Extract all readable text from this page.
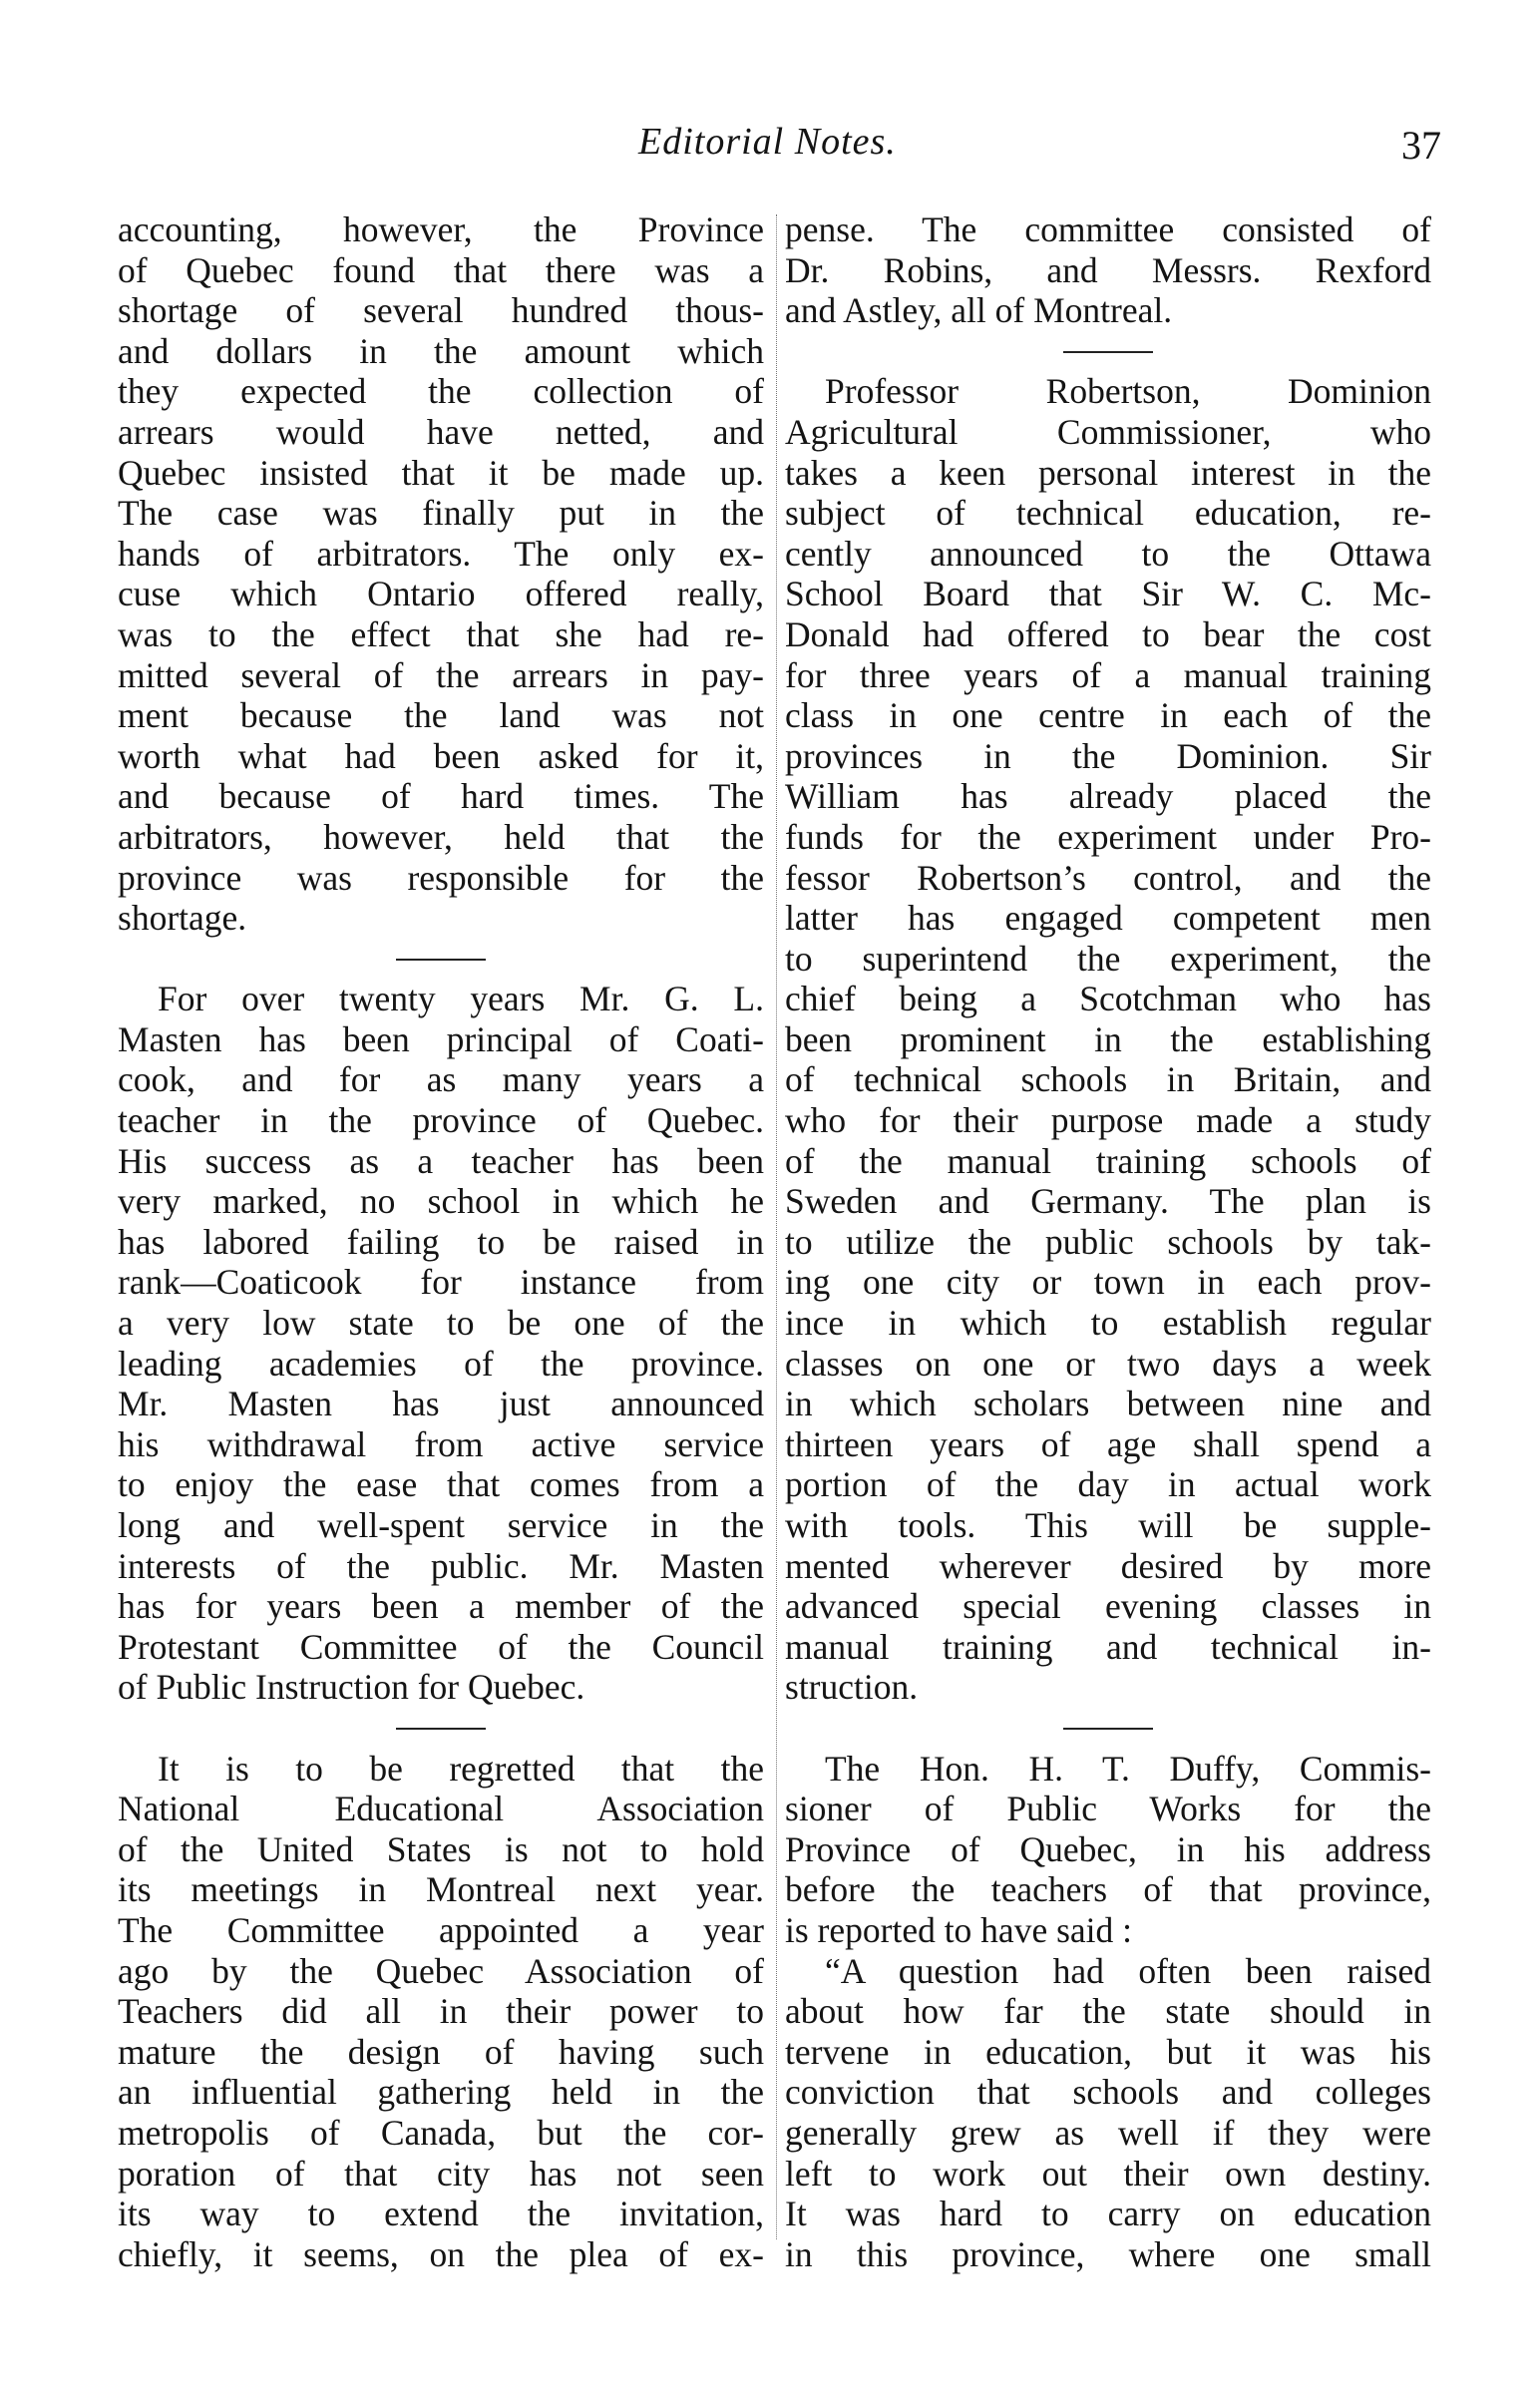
Editorial Notes.	37
accounting, however, the Province
of Quebec found that there was a
shortage of several hundred thous-
and dollars in the amount which
they expected the collection of
arrears would have netted, and
Quebec insisted that it be made up.
The case was finally put in the
hands of arbitrators. The only ex-
cuse which Ontario offered really,
was to the effect that she had re-
mitted several of the arrears in pay-
ment because the land was not
worth what had been asked for it,
and because of hard times. The
arbitrators, however, held that the
province was responsible for the
shortage.
For over twenty years Mr. G. L.
Masten has been principal of Coati-
cook, and for as many years a
teacher in the province of Quebec.
His success as a teacher has been
very marked, no school in which he
has labored failing to be raised in
rank—Coaticook for instance from
a very low state to be one of the
leading academies of the province.
Mr. Masten has just announced
his withdrawal from active service
to enjoy the ease that comes from a
long and well-spent service in the
interests of the public. Mr. Masten
has for years been a member of the
Protestant Committee of the Council
of Public Instruction for Quebec.
It is to be regretted that the
National Educational Association
of the United States is not to hold
its meetings in Montreal next year.
The Committee appointed a year
ago by the Quebec Association of
Teachers did all in their power to
mature the design of having such
an influential gathering held in the
metropolis of Canada, but the cor-
poration of that city has not seen
its way to extend the invitation,
chiefly, it seems, on the plea of ex-
pense. The committee consisted of
Dr. Robins, and Messrs. Rexford
and Astley, all of Montreal.
Professor Robertson, Dominion
Agricultural Commissioner, who
takes a keen personal interest in the
subject of technical education, re-
cently announced to the Ottawa
School Board that Sir W. C. Mc-
Donald had offered to bear the cost
for three years of a manual training
class in one centre in each of the
provinces in the Dominion. Sir
William has already placed the
funds for the experiment under Pro-
fessor Robertson’s control, and the
latter has engaged competent men
to superintend the experiment, the
chief being a Scotchman who has
been prominent in the establishing
of technical schools in Britain, and
who for their purpose made a study
of the manual training schools of
Sweden and Germany. The plan is
to utilize the public schools by tak-
ing one city or town in each prov-
ince in which to establish regular
classes on one or two days a week
in which scholars between nine and
thirteen years of age shall spend a
portion of the day in actual work
with tools. This will be supple-
mented wherever desired by more
advanced special evening classes in
manual training and technical in-
struction.
The Hon. H. T. Duffy, Commis-
sioner of Public Works for the
Province of Quebec, in his address
before the teachers of that province,
is reported to have said :
“A question had often been raised
about how far the state should in
tervene in education, but it was his
conviction that schools and colleges
generally grew as well if they were
left to work out their own destiny.
It was hard to carry on education
in this province, where one small
